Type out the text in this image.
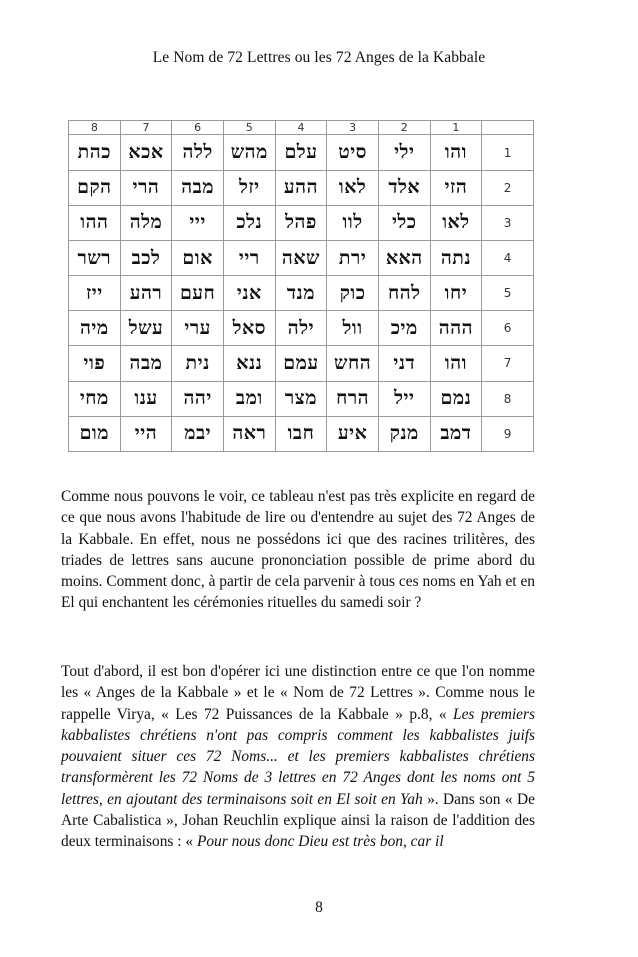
Le Nom de 72 Lettres ou les 72 Anges de la Kabbale
8	7	6	5	4	3	2	1	
כהת	אכא	ללה	מהש	עלם	סיט	ילי	והו	1
הקם	הרי	מבה	יזל	ההע	לאו	אלד	הזי	2
ההו	מלה	ייי	נלכ	פהל	לוו	כלי	לאו	3
רשר	לכב	אום	ריי	שאה	ירת	האא	נתה	4
ייז	רהע	חעם	אני	מנד	כוק	להח	יחו	5
מיה	עשל	ערי	סאל	ילה	וול	מיכ	ההה	6
פוי	מבה	נית	ננא	עמם	החש	דני	והו	7
מחי	ענו	יהה	ומב	מצר	הרח	ייל	נמם	8
מום	היי	יבמ	ראה	חבו	איע	מנק	דמב	9

Comme nous pouvons le voir, ce tableau n'est pas très explicite en regard de ce que nous avons l'habitude de lire ou d'entendre au sujet des 72 Anges de la Kabbale. En effet, nous ne possédons ici que des racines trilitères, des triades de lettres sans aucune prononciation possible de prime abord du moins. Comment donc, à partir de cela parvenir à tous ces noms en Yah et en El qui enchantent les cérémonies rituelles du samedi soir ?

Tout d'abord, il est bon d'opérer ici une distinction entre ce que l'on nomme les « Anges de la Kabbale » et le « Nom de 72 Lettres ». Comme nous le rappelle Virya, « Les 72 Puissances de la Kabbale » p.8, « Les premiers kabbalistes chrétiens n'ont pas compris comment les kabbalistes juifs pouvaient situer ces 72 Noms... et les premiers kabbalistes chrétiens transformèrent les 72 Noms de 3 lettres en 72 Anges dont les noms ont 5 lettres, en ajoutant des terminaisons soit en El soit en Yah ». Dans son « De Arte Cabalistica », Johan Reuchlin explique ainsi la raison de l'addition des deux terminaisons : « Pour nous donc Dieu est très bon, car il

8
